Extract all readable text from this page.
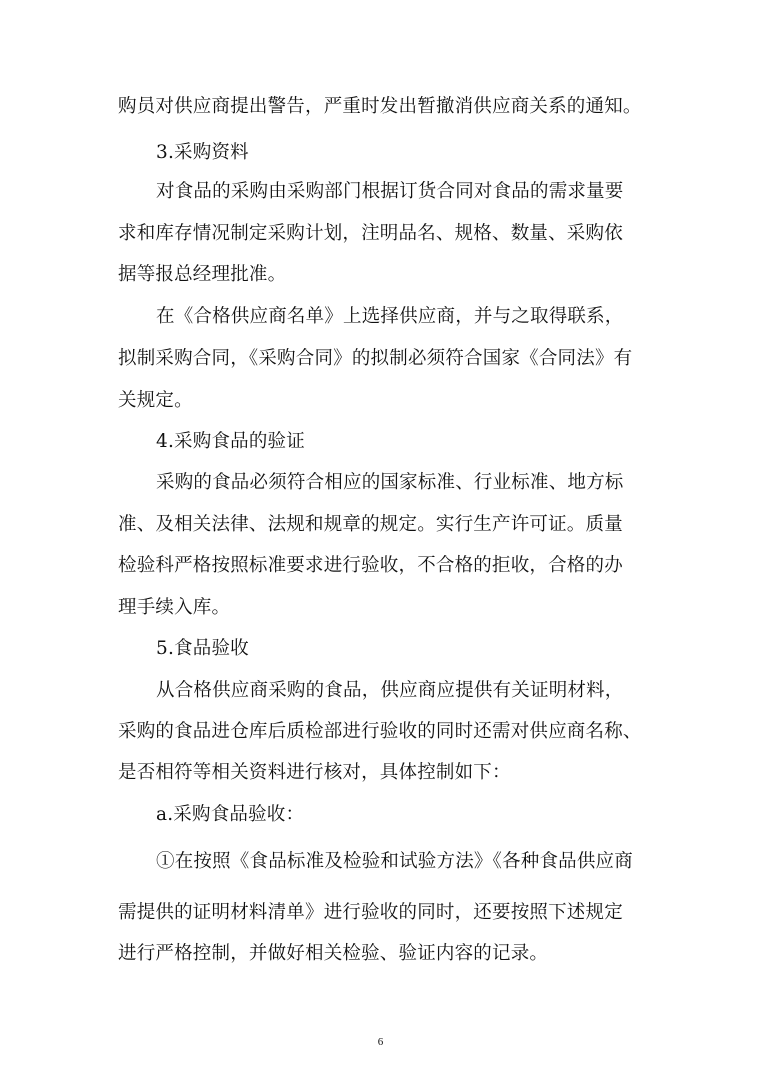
购员对供应商提出警告，严重时发出暂撤消供应商关系的通知。
3.采购资料
对食品的采购由采购部门根据订货合同对食品的需求量要
求和库存情况制定采购计划，注明品名、规格、数量、采购依
据等报总经理批准。
在《合格供应商名单》上选择供应商，并与之取得联系，
拟制采购合同，《采购合同》的拟制必须符合国家《合同法》有
关规定。
4.采购食品的验证
采购的食品必须符合相应的国家标准、行业标准、地方标
准、及相关法律、法规和规章的规定。实行生产许可证。质量
检验科严格按照标准要求进行验收，不合格的拒收，合格的办
理手续入库。
5.食品验收
从合格供应商采购的食品，供应商应提供有关证明材料，
采购的食品进仓库后质检部进行验收的同时还需对供应商名称、
是否相符等相关资料进行核对，具体控制如下：
a.采购食品验收：
①在按照《食品标准及检验和试验方法》《各种食品供应商
需提供的证明材料清单》进行验收的同时，还要按照下述规定
进行严格控制，并做好相关检验、验证内容的记录。
6
